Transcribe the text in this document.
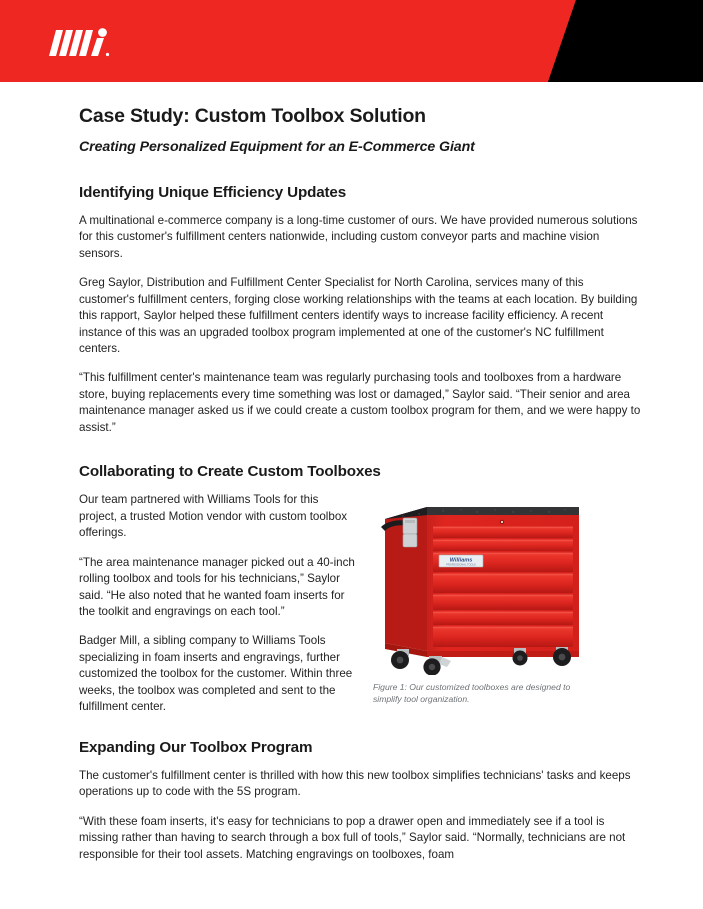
Case Study: Custom Toolbox Solution
Creating Personalized Equipment for an E-Commerce Giant
Identifying Unique Efficiency Updates

A multinational e-commerce company is a long-time customer of ours. We have provided numerous solutions for this customer's fulfillment centers nationwide, including custom conveyor parts and machine vision sensors.

Greg Saylor, Distribution and Fulfillment Center Specialist for North Carolina, services many of this customer's fulfillment centers, forging close working relationships with the teams at each location. By building this rapport, Saylor helped these fulfillment centers identify ways to increase facility efficiency. A recent instance of this was an upgraded toolbox program implemented at one of the customer's NC fulfillment centers.

“This fulfillment center's maintenance team was regularly purchasing tools and toolboxes from a hardware store, buying replacements every time something was lost or damaged,” Saylor said. “Their senior and area maintenance manager asked us if we could create a custom toolbox program for them, and we were happy to assist.”

Collaborating to Create Custom Toolboxes

Our team partnered with Williams Tools for this project, a trusted Motion vendor with custom toolbox offerings.

“The area maintenance manager picked out a 40-inch rolling toolbox and tools for his technicians,” Saylor said. “He also noted that he wanted foam inserts for the toolkit and engravings on each tool.”

Badger Mill, a sibling company to Williams Tools specializing in foam inserts and engravings, further customized the toolbox for the customer. Within three weeks, the toolbox was completed and sent to the fulfillment center.

Williams
PROFESSIONAL TOOLS
Figure 1: Our customized toolboxes are designed to simplify tool organization.
Expanding Our Toolbox Program

The customer's fulfillment center is thrilled with how this new toolbox simplifies technicians' tasks and keeps operations up to code with the 5S program.

“With these foam inserts, it's easy for technicians to pop a drawer open and immediately see if a tool is missing rather than having to search through a box full of tools,” Saylor said. “Normally, technicians are not responsible for their tool assets. Matching engravings on toolboxes, foam
